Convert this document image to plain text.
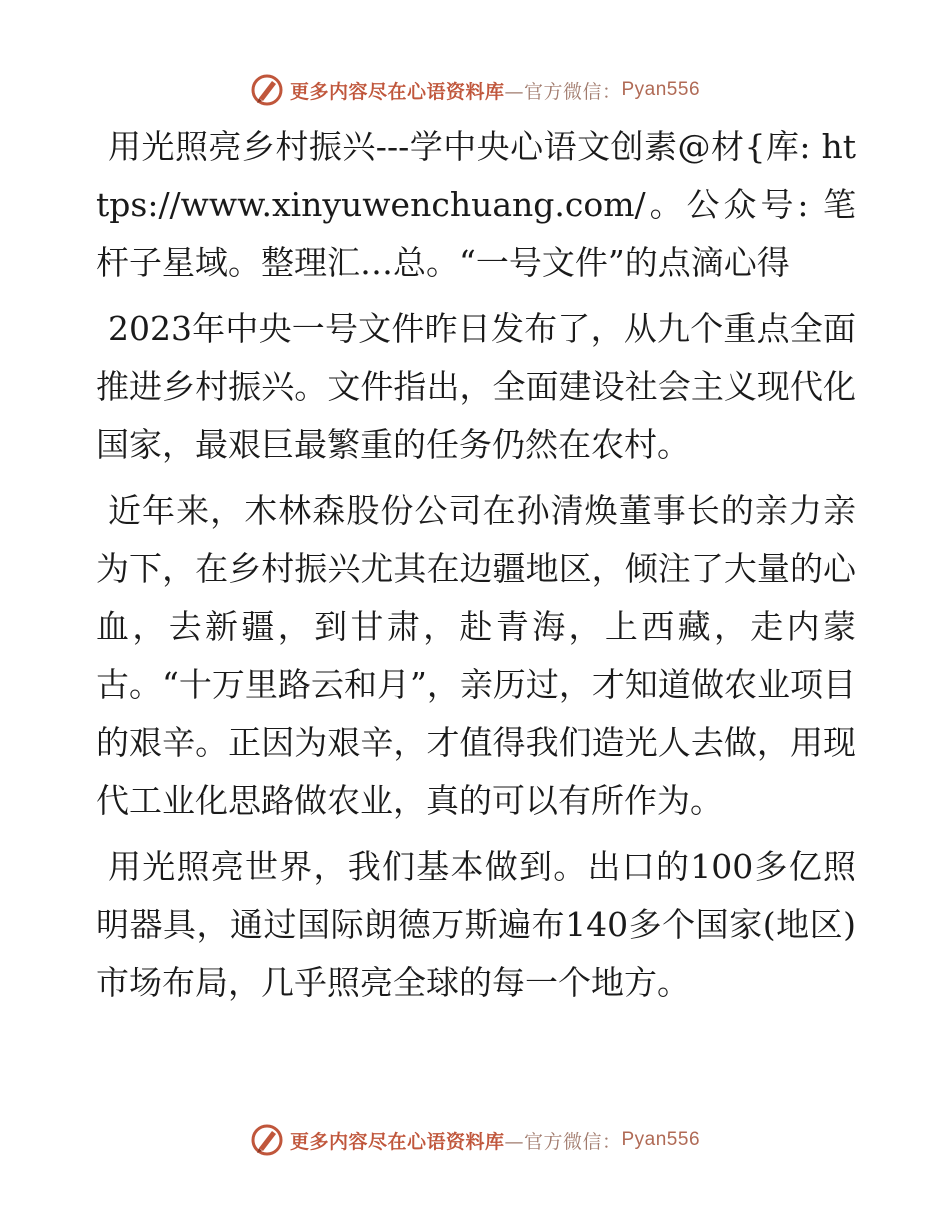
更多内容尽在心语资料库 —官方微信： Pyan556

用光照亮乡村振兴---学中央心语文创素@材{库: https://www.xinyuwenchuang.com/。公众号: 笔杆子星域。整理汇…总。“一号文件”的点滴心得

2023年中央一号文件昨日发布了，从九个重点全面推进乡村振兴。文件指出，全面建设社会主义现代化国家，最艰巨最繁重的任务仍然在农村。

近年来，木林森股份公司在孙清焕董事长的亲力亲为下，在乡村振兴尤其在边疆地区，倾注了大量的心血，去新疆，到甘肃，赴青海，上西藏，走内蒙古。“十万里路云和月”，亲历过，才知道做农业项目的艰辛。正因为艰辛，才值得我们造光人去做，用现代工业化思路做农业，真的可以有所作为。

用光照亮世界，我们基本做到。出口的100多亿照明器具，通过国际朗德万斯遍布140多个国家(地区)市场布局，几乎照亮全球的每一个地方。

更多内容尽在心语资料库 —官方微信： Pyan556
